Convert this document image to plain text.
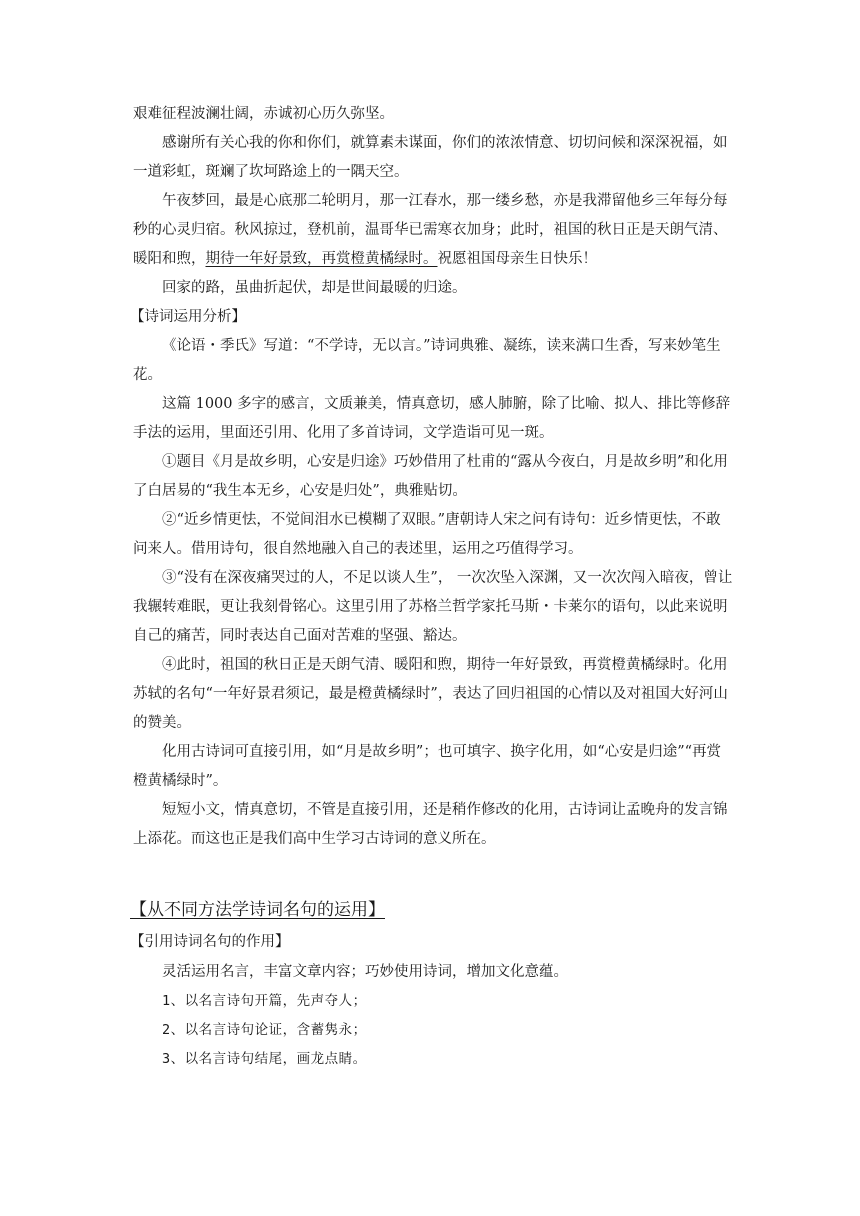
艰难征程波澜壮阔，赤诚初心历久弥坚。

感谢所有关心我的你和你们，就算素未谋面，你们的浓浓情意、切切问候和深深祝福，如一道彩虹，斑斓了坎坷路途上的一隅天空。

午夜梦回，最是心底那二轮明月，那一江春水，那一缕乡愁，亦是我滞留他乡三年每分每秒的心灵归宿。秋风掠过，登机前，温哥华已需寒衣加身；此时，祖国的秋日正是天朗气清、暖阳和煦，期待一年好景致，再赏橙黄橘绿时。祝愿祖国母亲生日快乐！

回家的路，虽曲折起伏，却是世间最暖的归途。

【诗词运用分析】

《论语・季氏》写道：“不学诗，无以言。”诗词典雅、凝练，读来满口生香，写来妙笔生花。

这篇 1000 多字的感言，文质兼美，情真意切，感人肺腑，除了比喻、拟人、排比等修辞手法的运用，里面还引用、化用了多首诗词，文学造诣可见一斑。

①题目《月是故乡明，心安是归途》巧妙借用了杜甫的“露从今夜白，月是故乡明”和化用了白居易的“我生本无乡，心安是归处”，典雅贴切。

②“近乡情更怯，不觉间泪水已模糊了双眼。”唐朝诗人宋之问有诗句：近乡情更怯，不敢问来人。借用诗句，很自然地融入自己的表述里，运用之巧值得学习。

③“没有在深夜痛哭过的人，不足以谈人生”， 一次次坠入深渊，又一次次闯入暗夜，曾让我辗转难眠，更让我刻骨铭心。这里引用了苏格兰哲学家托马斯・卡莱尔的语句，以此来说明自己的痛苦，同时表达自己面对苦难的坚强、豁达。

④此时，祖国的秋日正是天朗气清、暖阳和煦，期待一年好景致，再赏橙黄橘绿时。化用苏轼的名句“一年好景君须记，最是橙黄橘绿时”，表达了回归祖国的心情以及对祖国大好河山的赞美。

化用古诗词可直接引用，如“月是故乡明”；也可填字、换字化用，如“心安是归途”“再赏橙黄橘绿时”。

短短小文，情真意切，不管是直接引用，还是稍作修改的化用，古诗词让孟晚舟的发言锦上添花。而这也正是我们高中生学习古诗词的意义所在。

【从不同方法学诗词名句的运用】

【引用诗词名句的作用】

灵活运用名言，丰富文章内容；巧妙使用诗词，增加文化意蕴。

1、以名言诗句开篇，先声夺人；

2、以名言诗句论证，含蓄隽永；

3、以名言诗句结尾，画龙点睛。
